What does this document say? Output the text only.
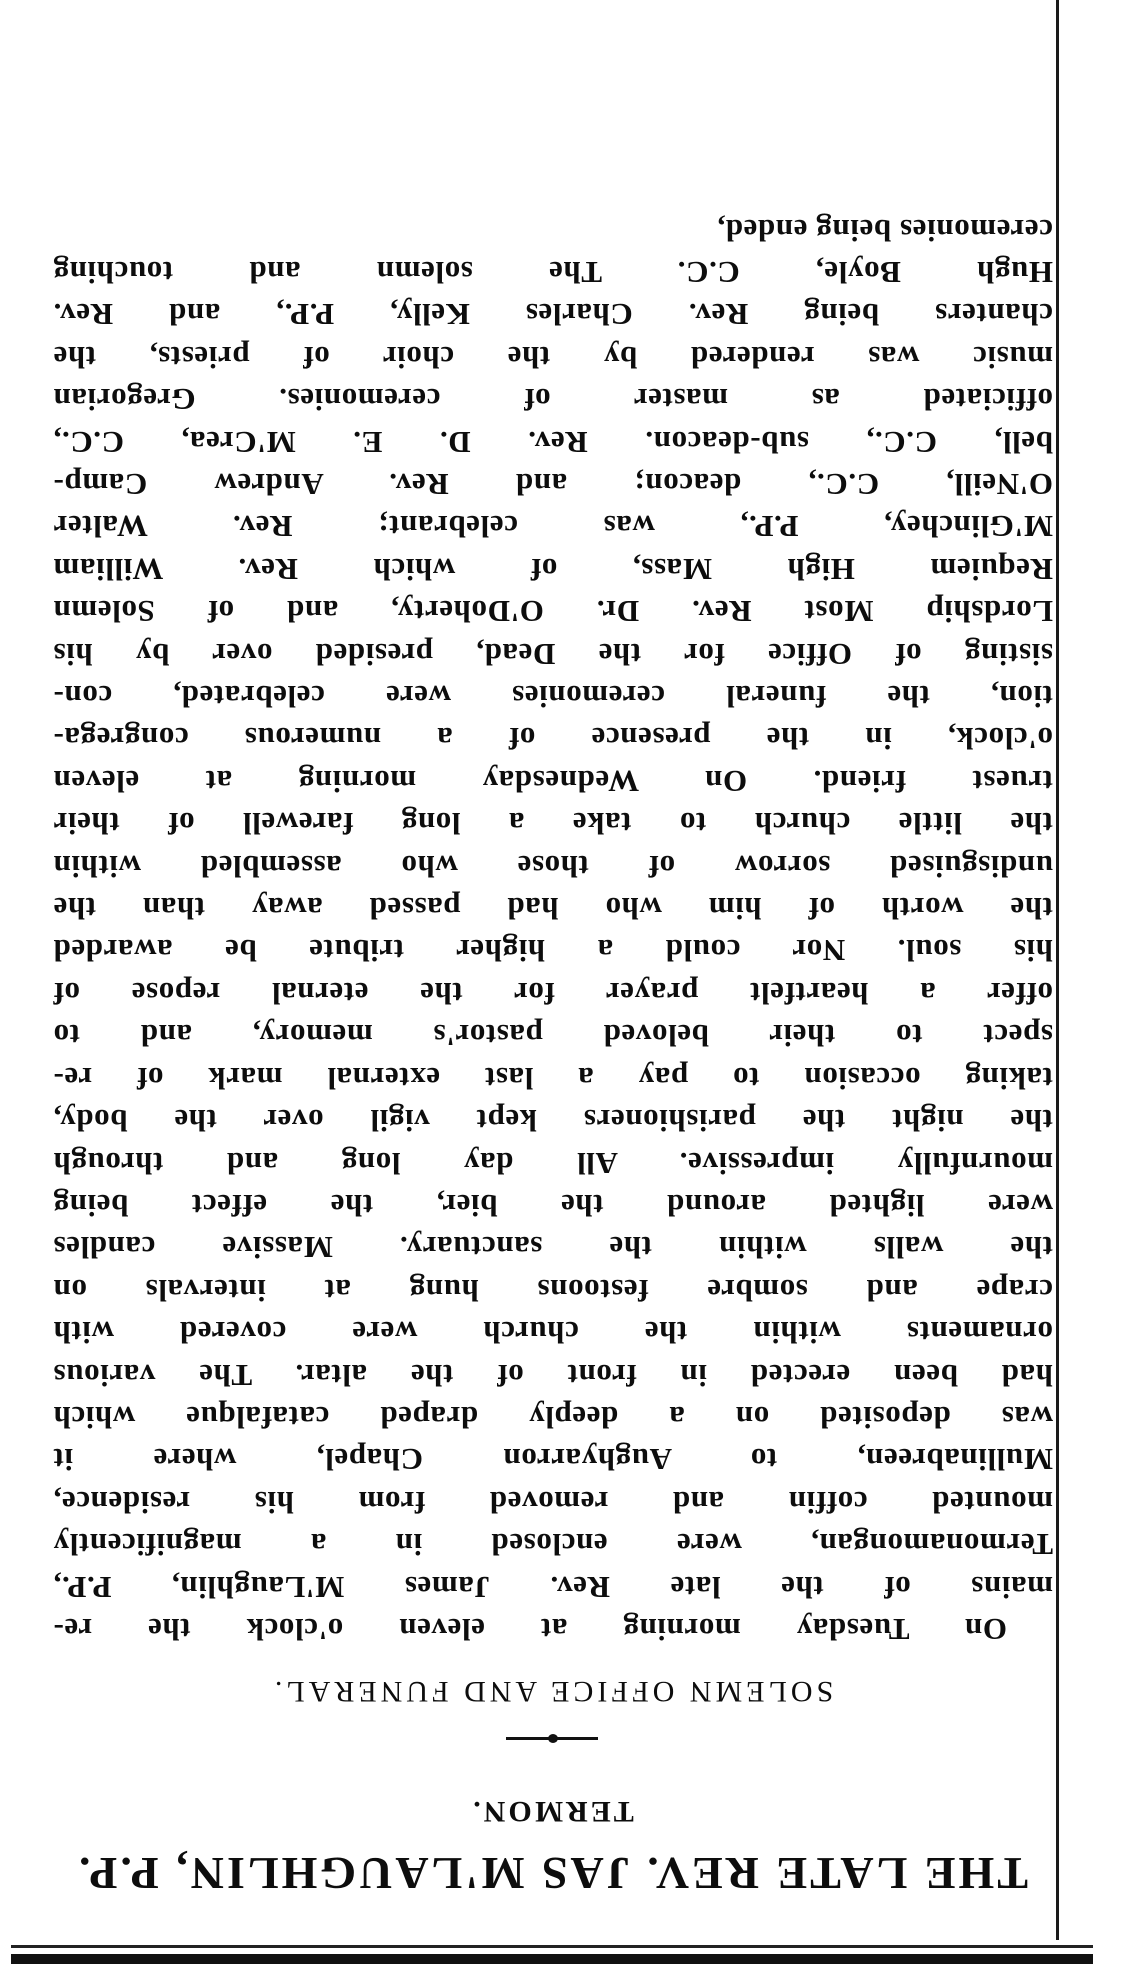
THE LATE REV. JAS M'LAUGHLIN, P.P.
TERMON.
SOLEMN OFFICE AND FUNERAL.
On Tuesday morning at eleven o'clock the re-
mains of the late Rev. James M'Laughlin, P.P.,
Termonamongan, were enclosed in a magnificently
mounted coffin and removed from his residence,
Mullinabreen, to Aughyarron Chapel, where it
was deposited on a deeply draped catafalque which
had been erected in front of the altar. The various
ornaments within the church were covered with
crape and sombre festoons hung at intervals on
the walls within the sanctuary. Massive candles
were lighted around the bier, the effect being
mournfully impressive. All day long and through
the night the parishioners kept vigil over the body,
taking occasion to pay a last external mark of re-
spect to their beloved pastor's memory, and to
offer a heartfelt prayer for the eternal repose of
his soul. Nor could a higher tribute be awarded
the worth of him who had passed away than the
undisguised sorrow of those who assembled within
the little church to take a long farewell of their
truest friend. On Wednesday morning at eleven
o'clock, in the presence of a numerous congrega-
tion, the funeral ceremonies were celebrated, con-
sisting of Office for the Dead, presided over by his
Lordship Most Rev. Dr. O'Doherty, and of Solemn
Requiem High Mass, of which Rev. William
M'Glinchey, P.P., was celebrant; Rev. Walter
O'Neill, C.C., deacon; and Rev. Andrew Camp-
bell, C.C., sub-deacon. Rev. D. E. M'Crea, C.C.,
officiated as master of ceremonies. Gregorian
music was rendered by the choir of priests, the
chanters being Rev. Charles Kelly, P.P., and Rev.
Hugh Boyle, C.C. The solemn and touching
ceremonies being ended,
